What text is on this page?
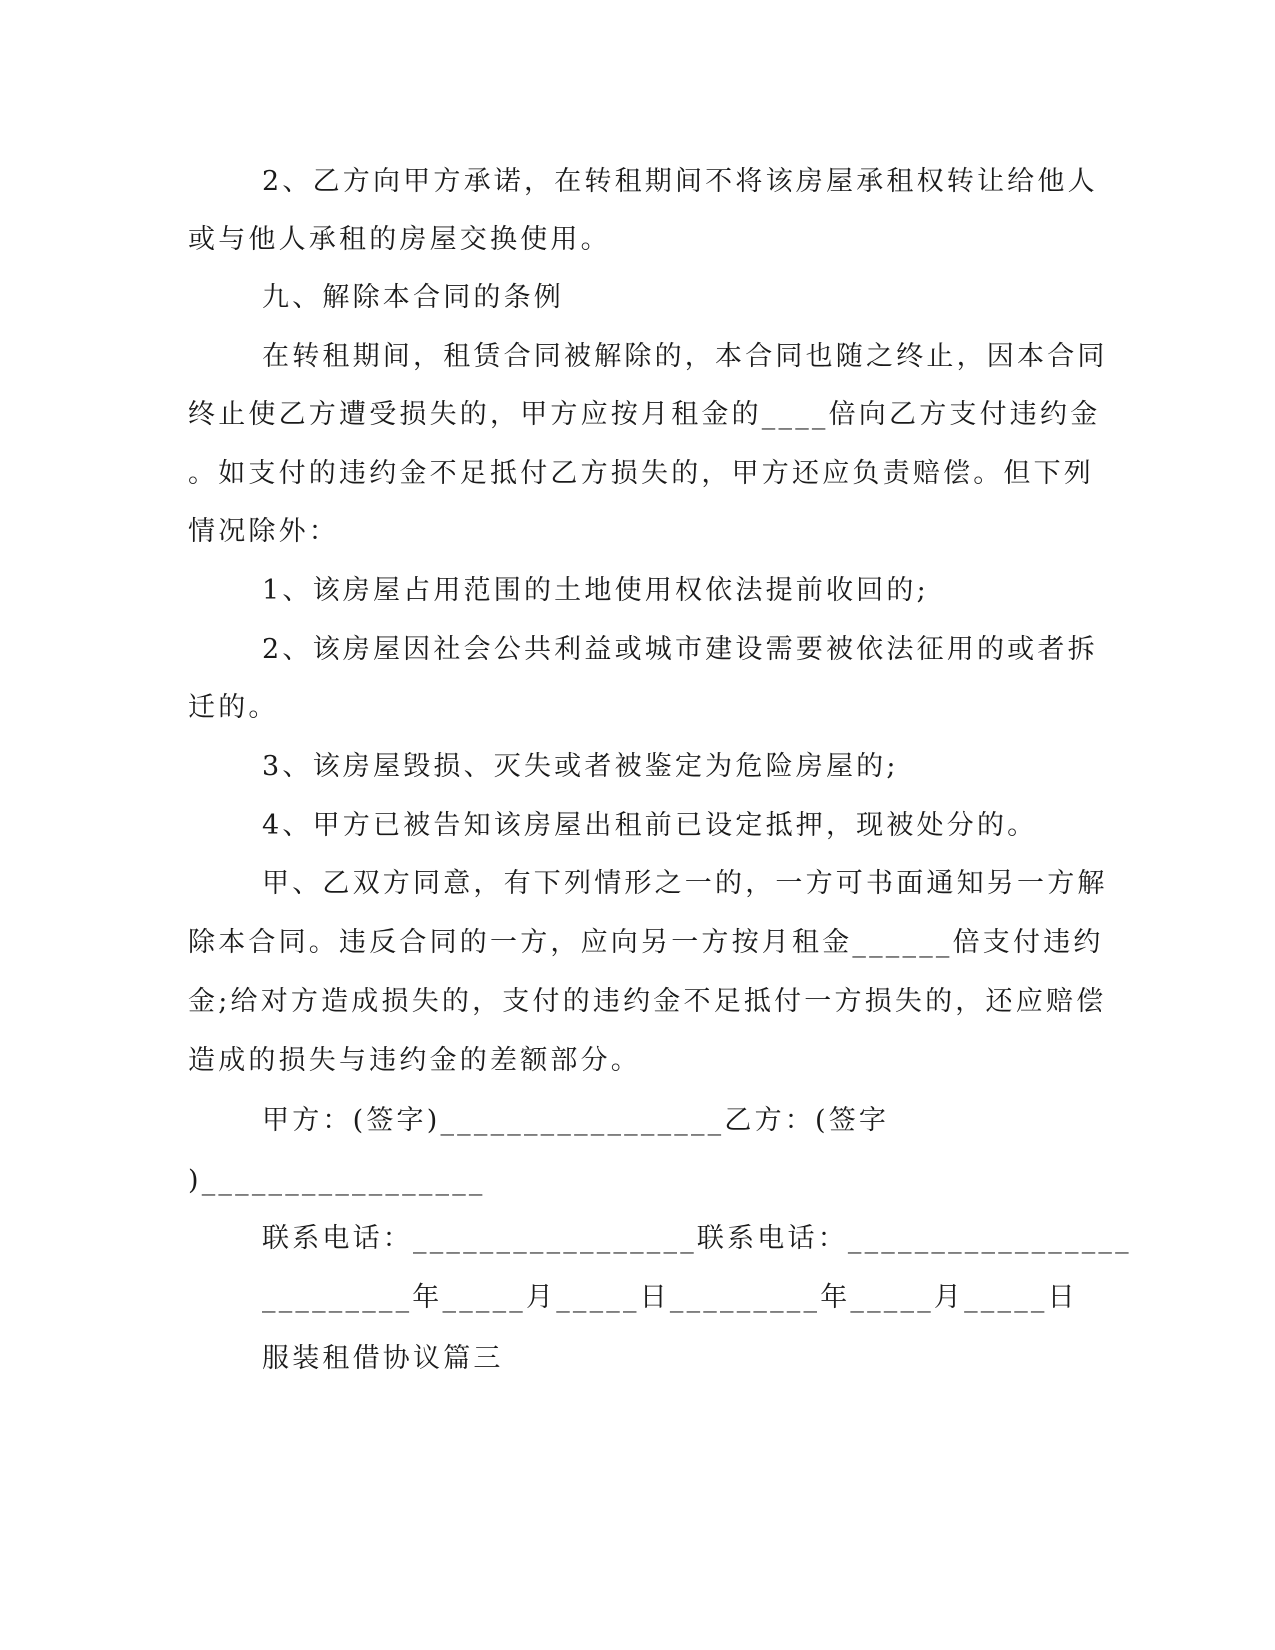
2、乙方向甲方承诺，在转租期间不将该房屋承租权转让给他人
或与他人承租的房屋交换使用。
九、解除本合同的条例
在转租期间，租赁合同被解除的，本合同也随之终止，因本合同
终止使乙方遭受损失的，甲方应按月租金的____倍向乙方支付违约金
。如支付的违约金不足抵付乙方损失的，甲方还应负责赔偿。但下列
情况除外：
1、该房屋占用范围的土地使用权依法提前收回的;
2、该房屋因社会公共利益或城市建设需要被依法征用的或者拆
迁的。
3、该房屋毁损、灭失或者被鉴定为危险房屋的;
4、甲方已被告知该房屋出租前已设定抵押，现被处分的。
甲、乙双方同意，有下列情形之一的，一方可书面通知另一方解
除本合同。违反合同的一方，应向另一方按月租金______倍支付违约
金;给对方造成损失的，支付的违约金不足抵付一方损失的，还应赔偿
造成的损失与违约金的差额部分。
甲方：(签字)_________________乙方：(签字
)_________________
联系电话：_________________联系电话：_________________
_________年_____月_____日_________年_____月_____日
服装租借协议篇三
